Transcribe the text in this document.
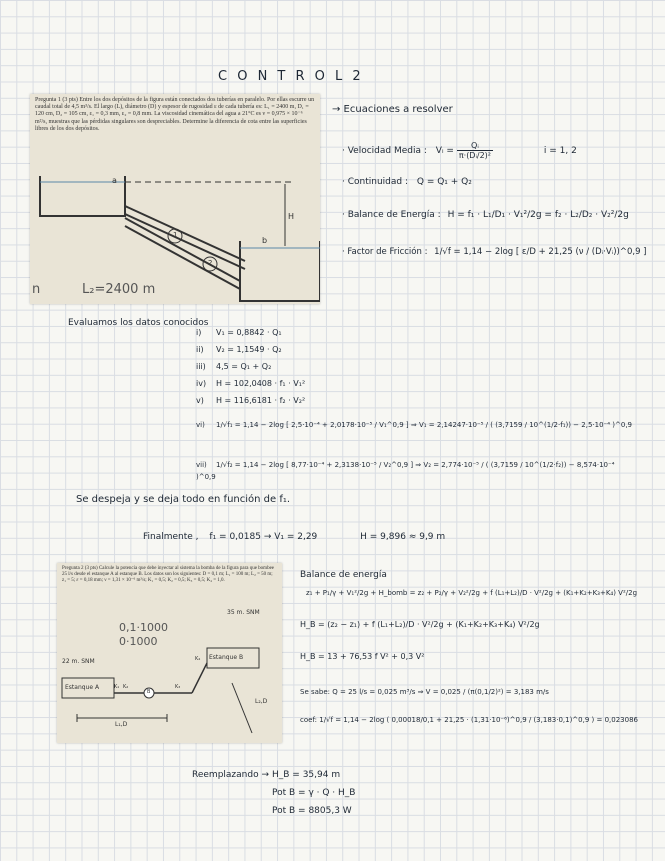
C O N T R O L 2
Pregunta 1 (3 pts) Entre los dos depósitos de la figura están conectados dos tuberías en paralelo. Por ellas escurre un caudal total de 4,5 m³/s. El largo (L), diámetro (D) y espesor de rugosidad ε de cada tubería es: L₁ = 2400 m, D₁ = 120 cm, D₂ = 105 cm, ε₁ = 0,3 mm, ε₂ = 0,8 mm. La viscosidad cinemática del agua a 21°C es ν = 0,975 × 10⁻⁶ m²/s, muestras que las pérdidas singulares son despreciables. Determine la diferencia de cota entre las superficies libres de los dos depósitos.
a
H
b
1
2
L₂=2400 m
n
→ Ecuaciones a resolver
· Velocidad Media : Vᵢ = $\frac{\text{Qᵢ}}{\text{π·(Dᵢ/2)²}}$	i = 1, 2
· Continuidad : Q = Q₁ + Q₂
· Balance de Energía : H = f₁ · L₁/D₁ · V₁²/2g = f₂ · L₂/D₂ · V₂²/2g
· Factor de Fricción : 1/√f = 1,14 − 2log [ ε/D + 21,25 (ν / (Dᵢ·Vᵢ))^0,9 ]
Evaluamos los datos conocidos
i) V₁ = 0,8842 · Q₁
ii) V₂ = 1,1549 · Q₂
iii) 4,5 = Q₁ + Q₂
iv) H = 102,0408 · f₁ · V₁²
v) H = 116,6181 · f₂ · V₂²
vi) 1/√f₁ = 1,14 − 2log [ 2,5·10⁻⁴ + 2,0178·10⁻⁵ / V₁^0,9 ] ⇒ V₁ = 2,14247·10⁻⁵ / ( (3,7159 / 10^(1/2·f₁)) − 2,5·10⁻⁴ )^0,9
vii) 1/√f₂ = 1,14 − 2log [ 8,77·10⁻⁴ + 2,3138·10⁻⁵ / V₂^0,9 ] ⇒ V₂ = 2,774·10⁻⁵ / ( (3,7159 / 10^(1/2·f₂)) − 8,574·10⁻⁴ )^0,9
Se despeja y se deja todo en función de f₁.
Finalmente , f₁ = 0,0185 → V₁ = 2,29	H = 9,896 ≈ 9,9 m
Pregunta 2 (3 pts) Calcule la potencia que debe inyectar al sistema la bomba de la figura para que bombee 25 l/s desde el estanque A al estanque B. Los datos son los siguientes: D = 0,1 m; L₁ = 100 m; L₂ = 50 m; z₁ = 5; ε = 0,18 mm; ν = 1,31 × 10⁻⁶ m²/s; K₁ = 0,5; K₂ = 0,5; K₃ = 0,5; K₄ = 1,0.
Estanque A
Estanque B
22 m. SNM
35 m. SNM
B
K₁ K₂	K₃
K₄
L₁,D
L₂,D
0,1·1000
0·1000
Balance de energía
z₁ + P₁/γ + V₁²/2g + H_bomb = z₂ + P₂/γ + V₂²/2g + f (L₁+L₂)/D · V²/2g + (K₁+K₂+K₃+K₄) V²/2g
H_B = (z₂ − z₁) + f (L₁+L₂)/D · V²/2g + (K₁+K₂+K₃+K₄) V²/2g
H_B = 13 + 76,53 f V² + 0,3 V²
Se sabe: Q = 25 l/s = 0,025 m³/s ⇒ V = 0,025 / (π(0,1/2)²) = 3,183 m/s
coef: 1/√f = 1,14 − 2log ( 0,00018/0,1 + 21,25 · (1,31·10⁻⁶)^0,9 / (3,183·0,1)^0,9 ) = 0,023086
Reemplazando → H_B = 35,94 m
Pot B = γ · Q · H_B
Pot B = 8805,3 W
